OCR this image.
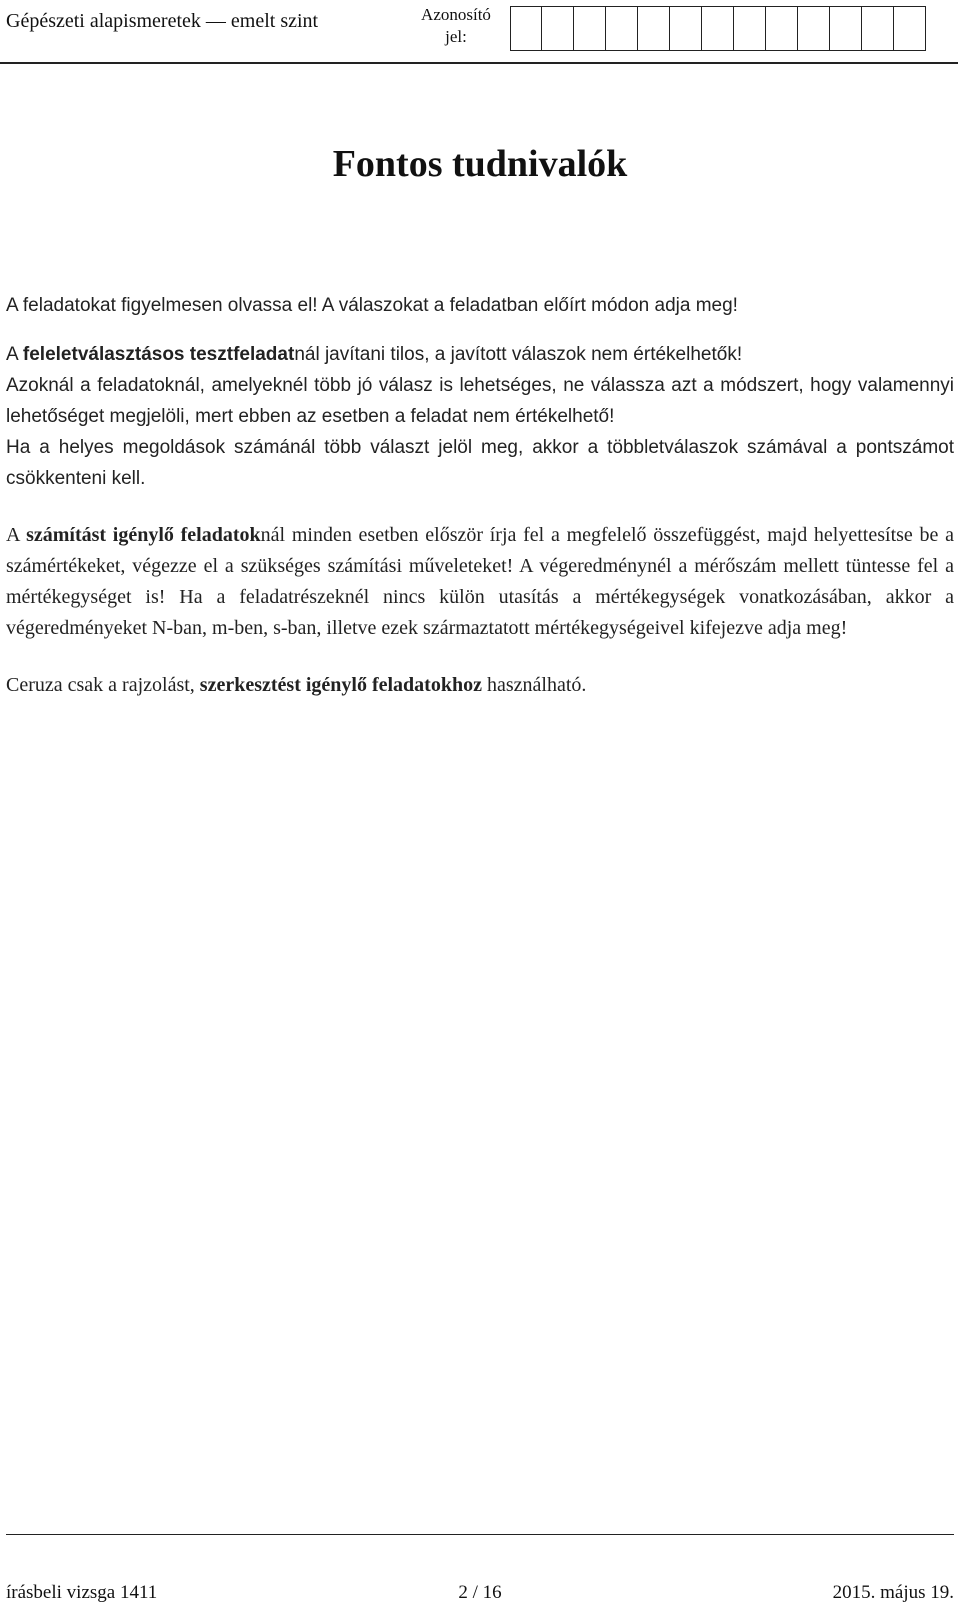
Gépészeti alapismeretek — emelt szint	Azonosító jel:
Fontos tudnivalók

A feladatokat figyelmesen olvassa el! A válaszokat a feladatban előírt módon adja meg!

A feleletválasztásos tesztfeladatnál javítani tilos, a javított válaszok nem értékelhetők!

Azoknál a feladatoknál, amelyeknél több jó válasz is lehetséges, ne válassza azt a módszert, hogy valamennyi lehetőséget megjelöli, mert ebben az esetben a feladat nem értékelhető!

Ha a helyes megoldások számánál több választ jelöl meg, akkor a többletválaszok számával a pontszámot csökkenteni kell.

A számítást igénylő feladatoknál minden esetben először írja fel a megfelelő összefüggést, majd helyettesítse be a számértékeket, végezze el a szükséges számítási műveleteket! A végeredménynél a mérőszám mellett tüntesse fel a mértékegységet is! Ha a feladatrészeknél nincs külön utasítás a mértékegységek vonatkozásában, akkor a végeredményeket N-ban, m-ben, s-ban, illetve ezek származtatott mértékegységeivel kifejezve adja meg!

Ceruza csak a rajzolást, szerkesztést igénylő feladatokhoz használható.

2 / 16
írásbeli vizsga 1411	2015. május 19.
